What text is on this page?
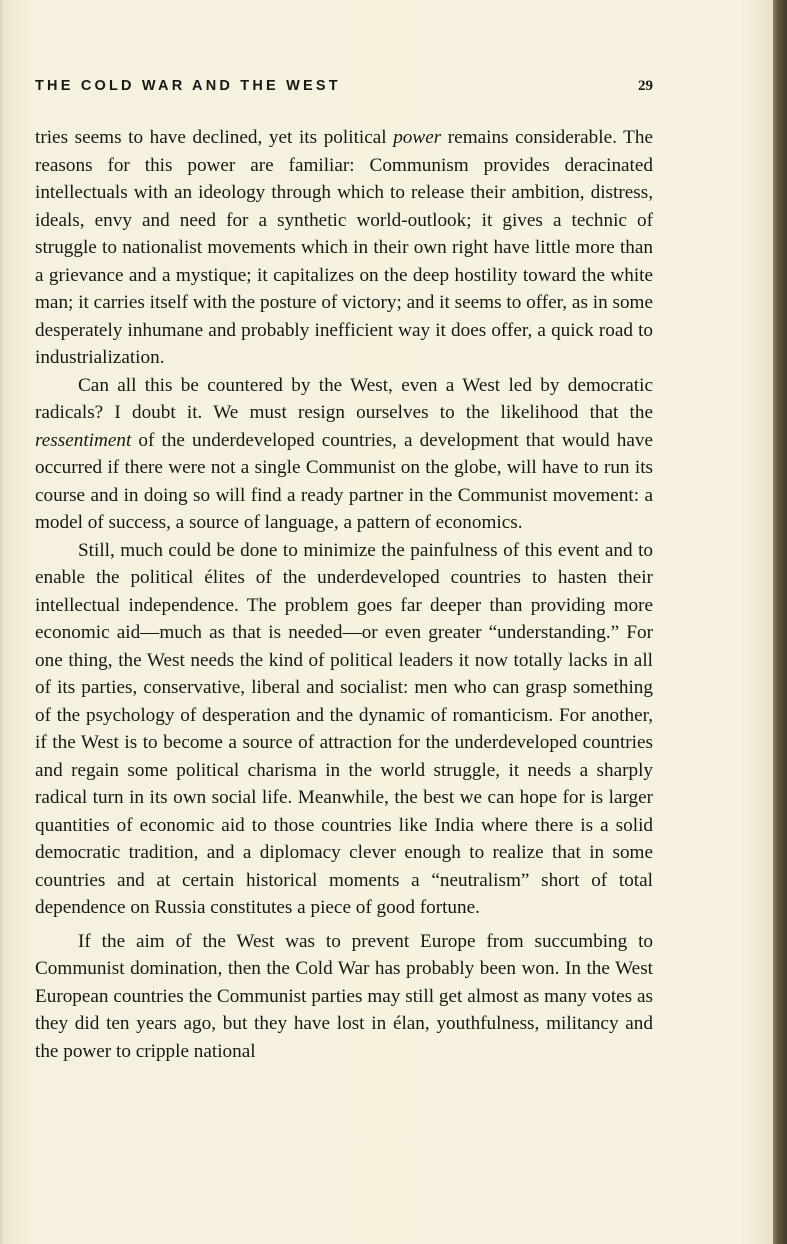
THE COLD WAR AND THE WEST	29

tries seems to have declined, yet its political power remains considerable. The reasons for this power are familiar: Communism provides deracinated intellectuals with an ideology through which to release their ambition, distress, ideals, envy and need for a synthetic world-outlook; it gives a technic of struggle to nationalist movements which in their own right have little more than a grievance and a mystique; it capitalizes on the deep hostility toward the white man; it carries itself with the posture of victory; and it seems to offer, as in some desperately inhumane and probably inefficient way it does offer, a quick road to industrialization.

Can all this be countered by the West, even a West led by democratic radicals? I doubt it. We must resign ourselves to the likelihood that the ressentiment of the underdeveloped countries, a development that would have occurred if there were not a single Communist on the globe, will have to run its course and in doing so will find a ready partner in the Communist movement: a model of success, a source of language, a pattern of economics.

Still, much could be done to minimize the painfulness of this event and to enable the political élites of the underdeveloped countries to hasten their intellectual independence. The problem goes far deeper than providing more economic aid—much as that is needed—or even greater “understanding.” For one thing, the West needs the kind of political leaders it now totally lacks in all of its parties, conservative, liberal and socialist: men who can grasp something of the psychology of desperation and the dynamic of romanticism. For another, if the West is to become a source of attraction for the underdeveloped countries and regain some political charisma in the world struggle, it needs a sharply radical turn in its own social life. Meanwhile, the best we can hope for is larger quantities of economic aid to those countries like India where there is a solid democratic tradition, and a diplomacy clever enough to realize that in some countries and at certain historical moments a “neutralism” short of total dependence on Russia constitutes a piece of good fortune.

If the aim of the West was to prevent Europe from succumbing to Communist domination, then the Cold War has probably been won. In the West European countries the Communist parties may still get almost as many votes as they did ten years ago, but they have lost in élan, youthfulness, militancy and the power to cripple national
